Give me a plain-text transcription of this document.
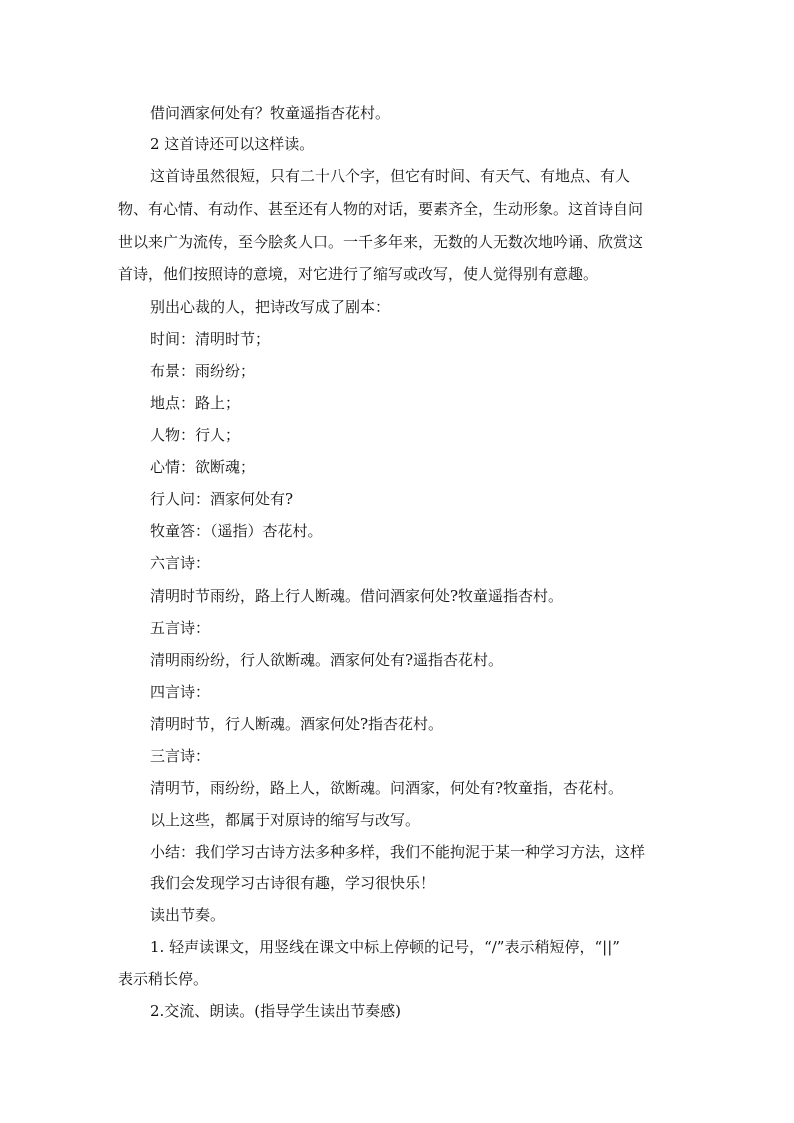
借问酒家何处有？牧童遥指杏花村。
2 这首诗还可以这样读。
这首诗虽然很短，只有二十八个字，但它有时间、有天气、有地点、有人
物、有心情、有动作、甚至还有人物的对话，要素齐全，生动形象。这首诗自问
世以来广为流传，至今脍炙人口。一千多年来，无数的人无数次地吟诵、欣赏这
首诗，他们按照诗的意境，对它进行了缩写或改写，使人觉得别有意趣。
别出心裁的人，把诗改写成了剧本：
时间：清明时节；
布景：雨纷纷；
地点：路上；
人物：行人；
心情：欲断魂；
行人问：酒家何处有?
牧童答：（遥指）杏花村。
六言诗：
清明时节雨纷，路上行人断魂。借问酒家何处?牧童遥指杏村。
五言诗：
清明雨纷纷，行人欲断魂。酒家何处有?遥指杏花村。
四言诗：
清明时节，行人断魂。酒家何处?指杏花村。
三言诗：
清明节，雨纷纷，路上人，欲断魂。问酒家，何处有?牧童指，杏花村。
以上这些，都属于对原诗的缩写与改写。
小结：我们学习古诗方法多种多样，我们不能拘泥于某一种学习方法，这样
我们会发现学习古诗很有趣，学习很快乐！
读出节奏。
1. 轻声读课文，用竖线在课文中标上停顿的记号，“/”表示稍短停，“||”
表示稍长停。
2.交流、朗读。(指导学生读出节奏感)
